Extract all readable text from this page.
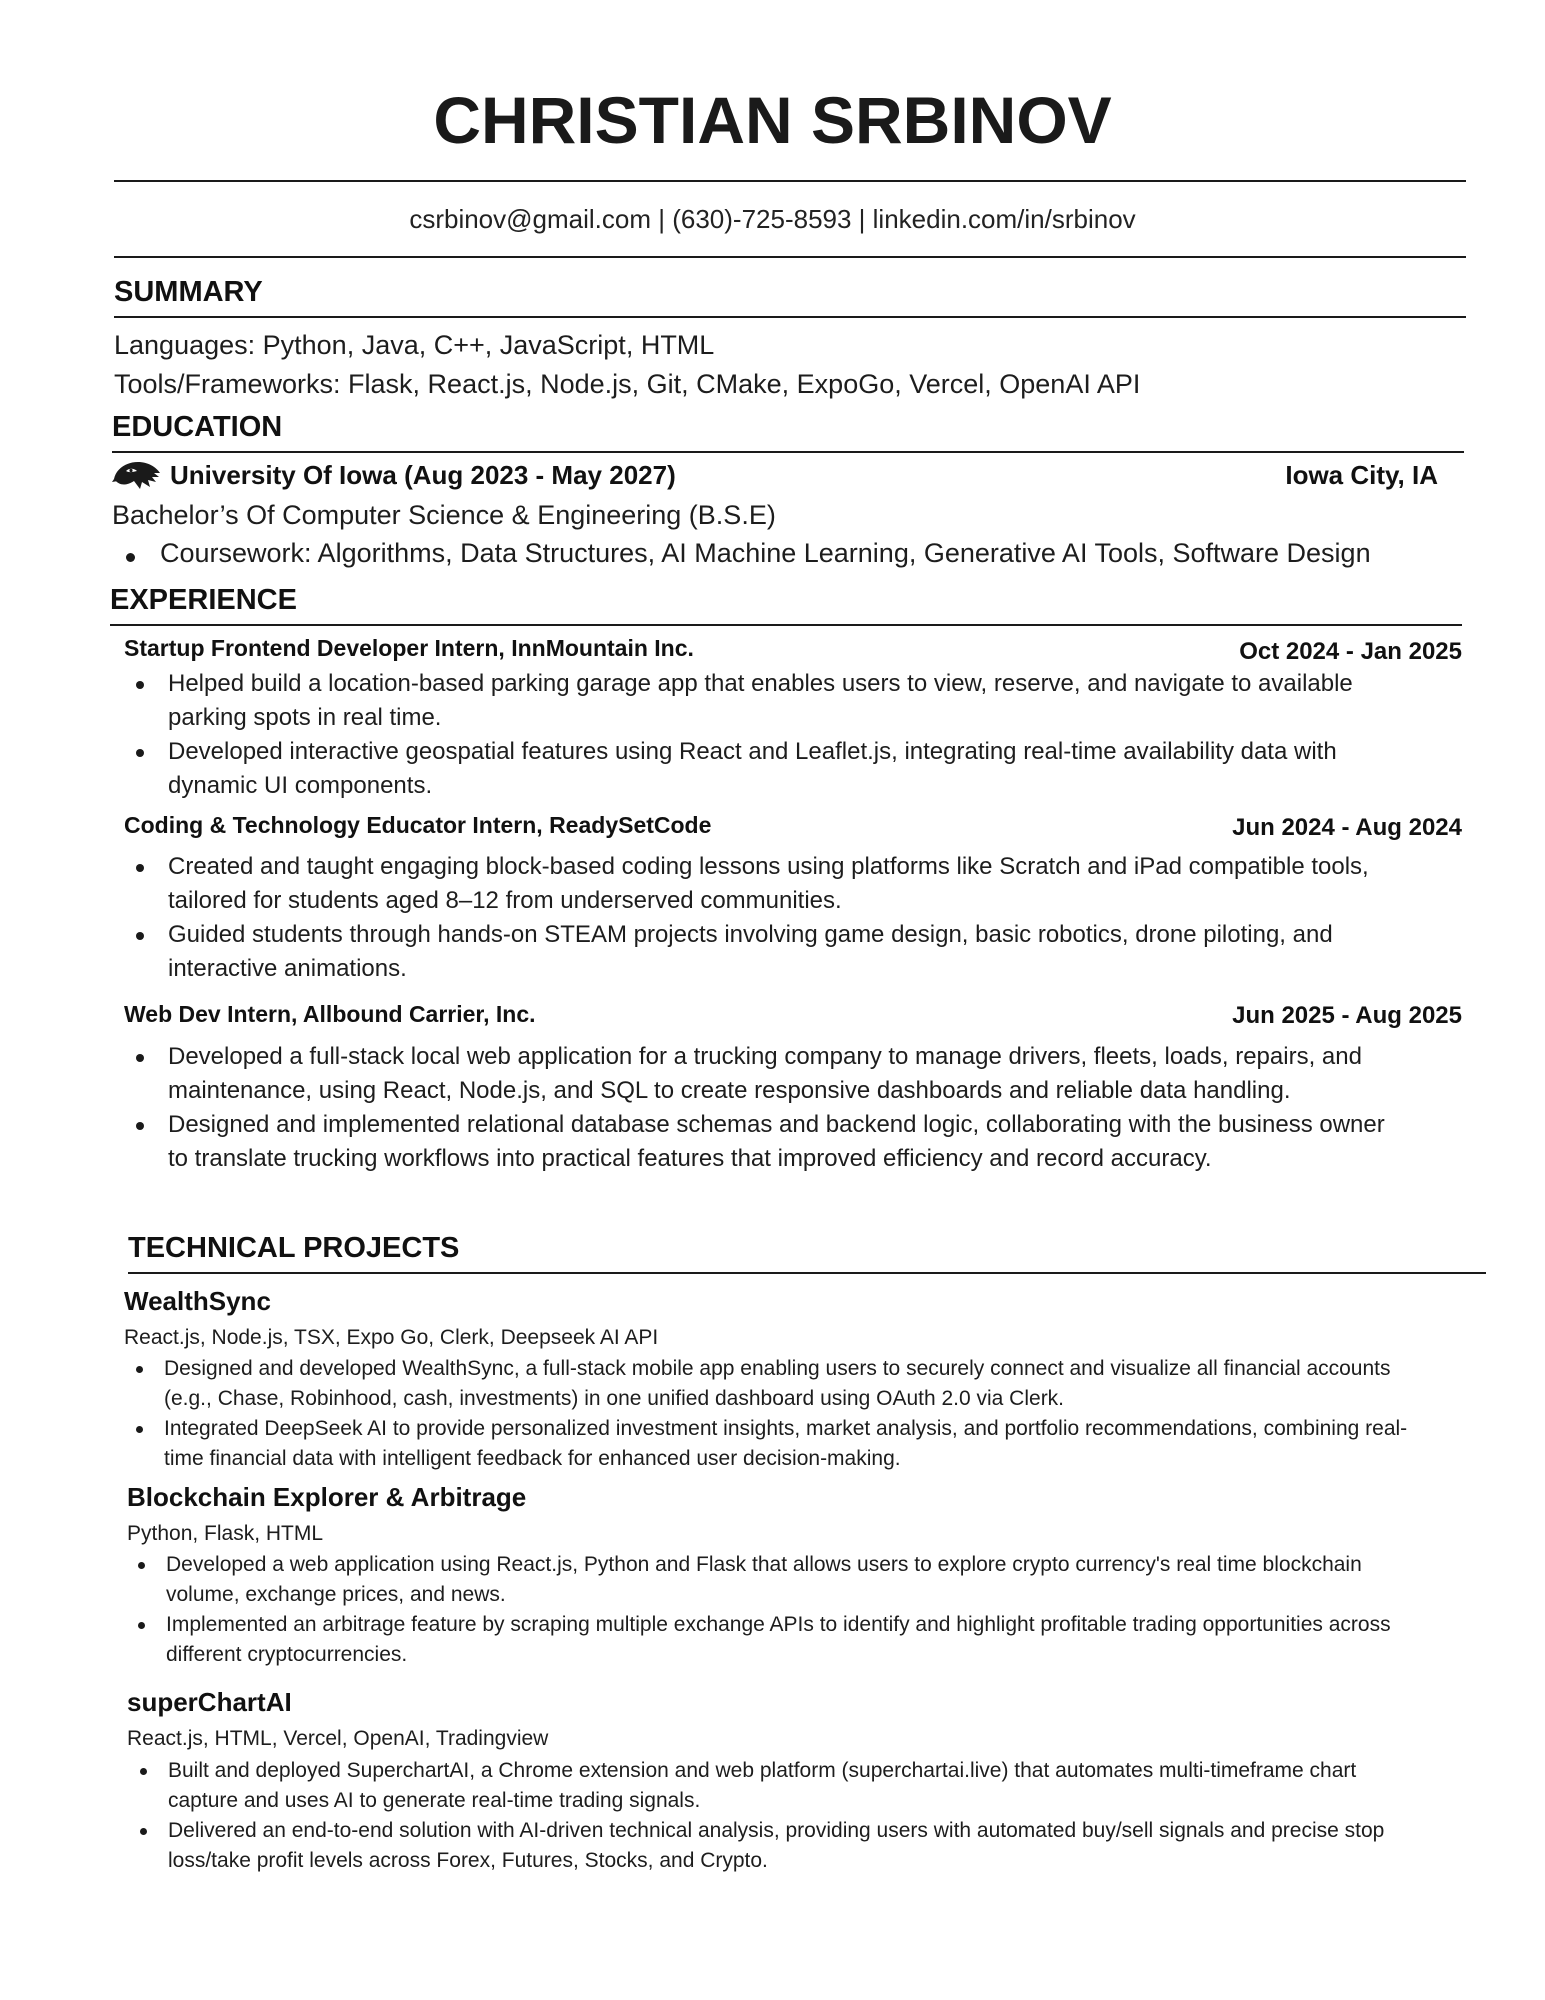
CHRISTIAN SRBINOV
csrbinov@gmail.com | (630)-725-8593 | linkedin.com/in/srbinov
SUMMARY
Languages: Python, Java, C++, JavaScript, HTML
Tools/Frameworks: Flask, React.js, Node.js, Git, CMake, ExpoGo, Vercel, OpenAI API
EDUCATION
University Of Iowa (Aug 2023 - May 2027)	Iowa City, IA
Bachelor’s Of Computer Science & Engineering (B.S.E)
Coursework: Algorithms, Data Structures, AI Machine Learning, Generative AI Tools, Software Design
EXPERIENCE
Startup Frontend Developer Intern, InnMountain Inc.	Oct 2024 - Jan 2025
Helped build a location-based parking garage app that enables users to view, reserve, and navigate to available parking spots in real time.
Developed interactive geospatial features using React and Leaflet.js, integrating real-time availability data with dynamic UI components.
Coding & Technology Educator Intern, ReadySetCode	Jun 2024 - Aug 2024
Created and taught engaging block-based coding lessons using platforms like Scratch and iPad compatible tools, tailored for students aged 8–12 from underserved communities.
Guided students through hands-on STEAM projects involving game design, basic robotics, drone piloting, and interactive animations.
Web Dev Intern, Allbound Carrier, Inc.	Jun 2025 - Aug 2025
Developed a full-stack local web application for a trucking company to manage drivers, fleets, loads, repairs, and maintenance, using React, Node.js, and SQL to create responsive dashboards and reliable data handling.
Designed and implemented relational database schemas and backend logic, collaborating with the business owner to translate trucking workflows into practical features that improved efficiency and record accuracy.
TECHNICAL PROJECTS
WealthSync
React.js, Node.js, TSX, Expo Go, Clerk, Deepseek AI API
Designed and developed WealthSync, a full-stack mobile app enabling users to securely connect and visualize all financial accounts (e.g., Chase, Robinhood, cash, investments) in one unified dashboard using OAuth 2.0 via Clerk.
Integrated DeepSeek AI to provide personalized investment insights, market analysis, and portfolio recommendations, combining real-time financial data with intelligent feedback for enhanced user decision-making.
Blockchain Explorer & Arbitrage
Python, Flask, HTML
Developed a web application using React.js, Python and Flask that allows users to explore crypto currency's real time blockchain volume, exchange prices, and news.
Implemented an arbitrage feature by scraping multiple exchange APIs to identify and highlight profitable trading opportunities across different cryptocurrencies.
superChartAI
React.js, HTML, Vercel, OpenAI, Tradingview
Built and deployed SuperchartAI, a Chrome extension and web platform (superchartai.live) that automates multi-timeframe chart capture and uses AI to generate real-time trading signals.
Delivered an end-to-end solution with AI-driven technical analysis, providing users with automated buy/sell signals and precise stop loss/take profit levels across Forex, Futures, Stocks, and Crypto.
